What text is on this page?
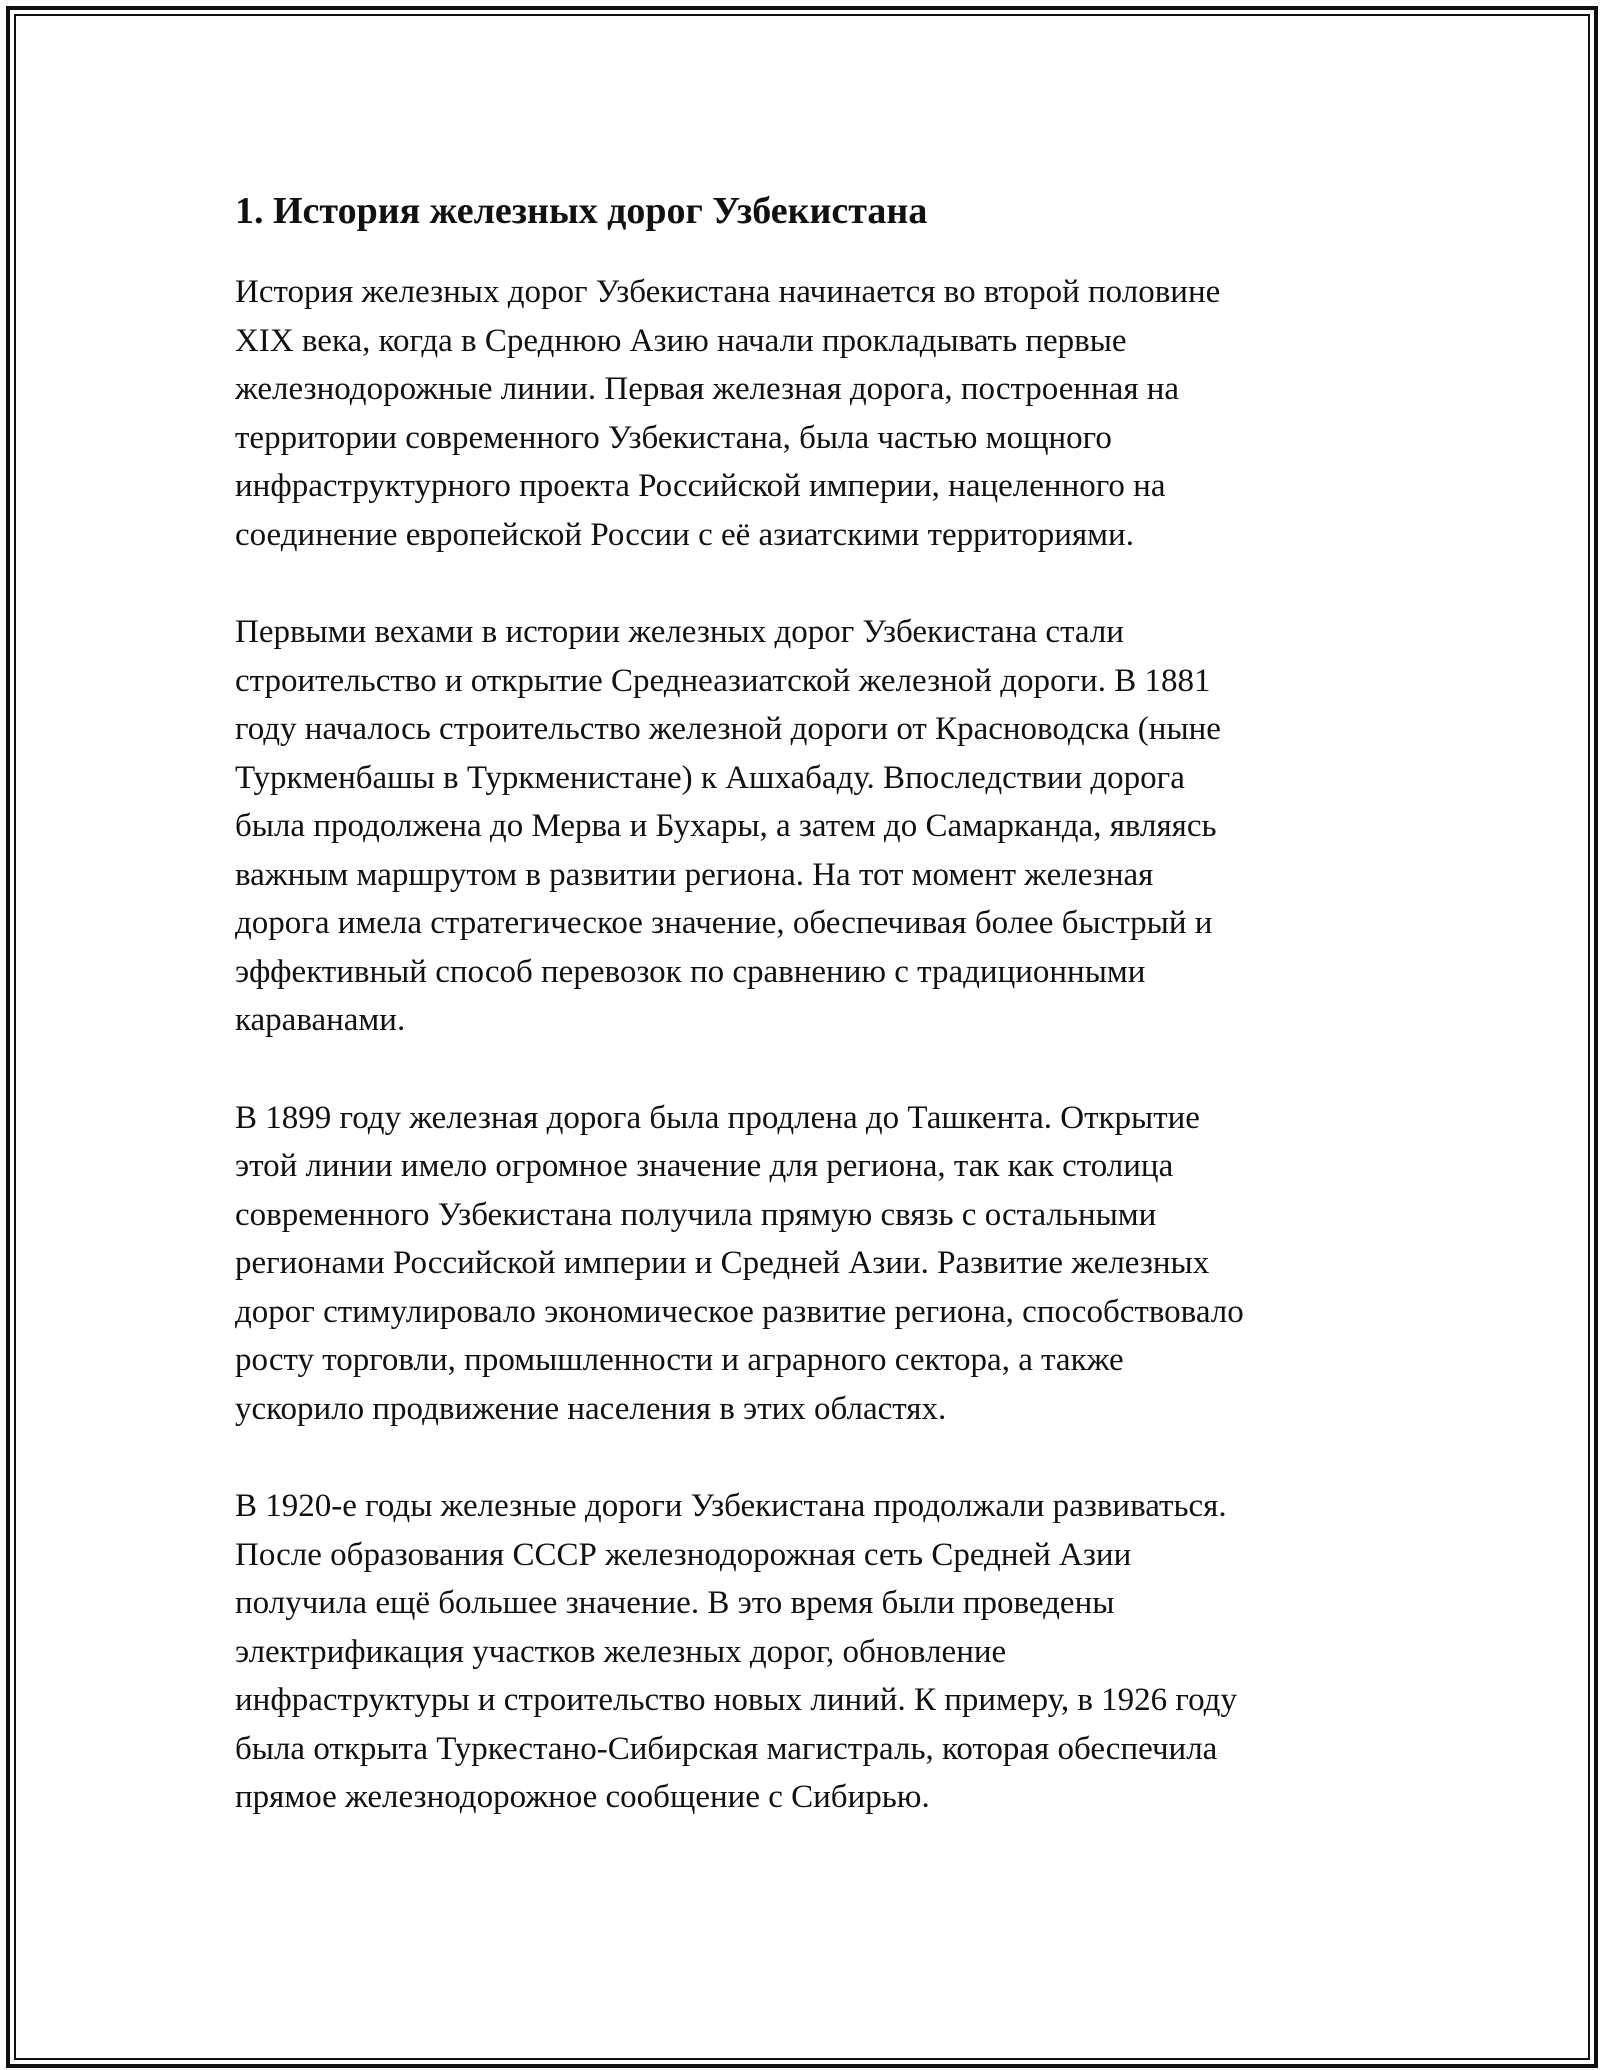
1. История железных дорог Узбекистана

История железных дорог Узбекистана начинается во второй половине
XIX века, когда в Среднюю Азию начали прокладывать первые
железнодорожные линии. Первая железная дорога, построенная на
территории современного Узбекистана, была частью мощного
инфраструктурного проекта Российской империи, нацеленного на
соединение европейской России с её азиатскими территориями.

Первыми вехами в истории железных дорог Узбекистана стали
строительство и открытие Среднеазиатской железной дороги. В 1881
году началось строительство железной дороги от Красноводска (ныне
Туркменбашы в Туркменистане) к Ашхабаду. Впоследствии дорога
была продолжена до Мерва и Бухары, а затем до Самарканда, являясь
важным маршрутом в развитии региона. На тот момент железная
дорога имела стратегическое значение, обеспечивая более быстрый и
эффективный способ перевозок по сравнению с традиционными
караванами.

В 1899 году железная дорога была продлена до Ташкента. Открытие
этой линии имело огромное значение для региона, так как столица
современного Узбекистана получила прямую связь с остальными
регионами Российской империи и Средней Азии. Развитие железных
дорог стимулировало экономическое развитие региона, способствовало
росту торговли, промышленности и аграрного сектора, а также
ускорило продвижение населения в этих областях.

В 1920-е годы железные дороги Узбекистана продолжали развиваться.
После образования СССР железнодорожная сеть Средней Азии
получила ещё большее значение. В это время были проведены
электрификация участков железных дорог, обновление
инфраструктуры и строительство новых линий. К примеру, в 1926 году
была открыта Туркестано-Сибирская магистраль, которая обеспечила
прямое железнодорожное сообщение с Сибирью.
